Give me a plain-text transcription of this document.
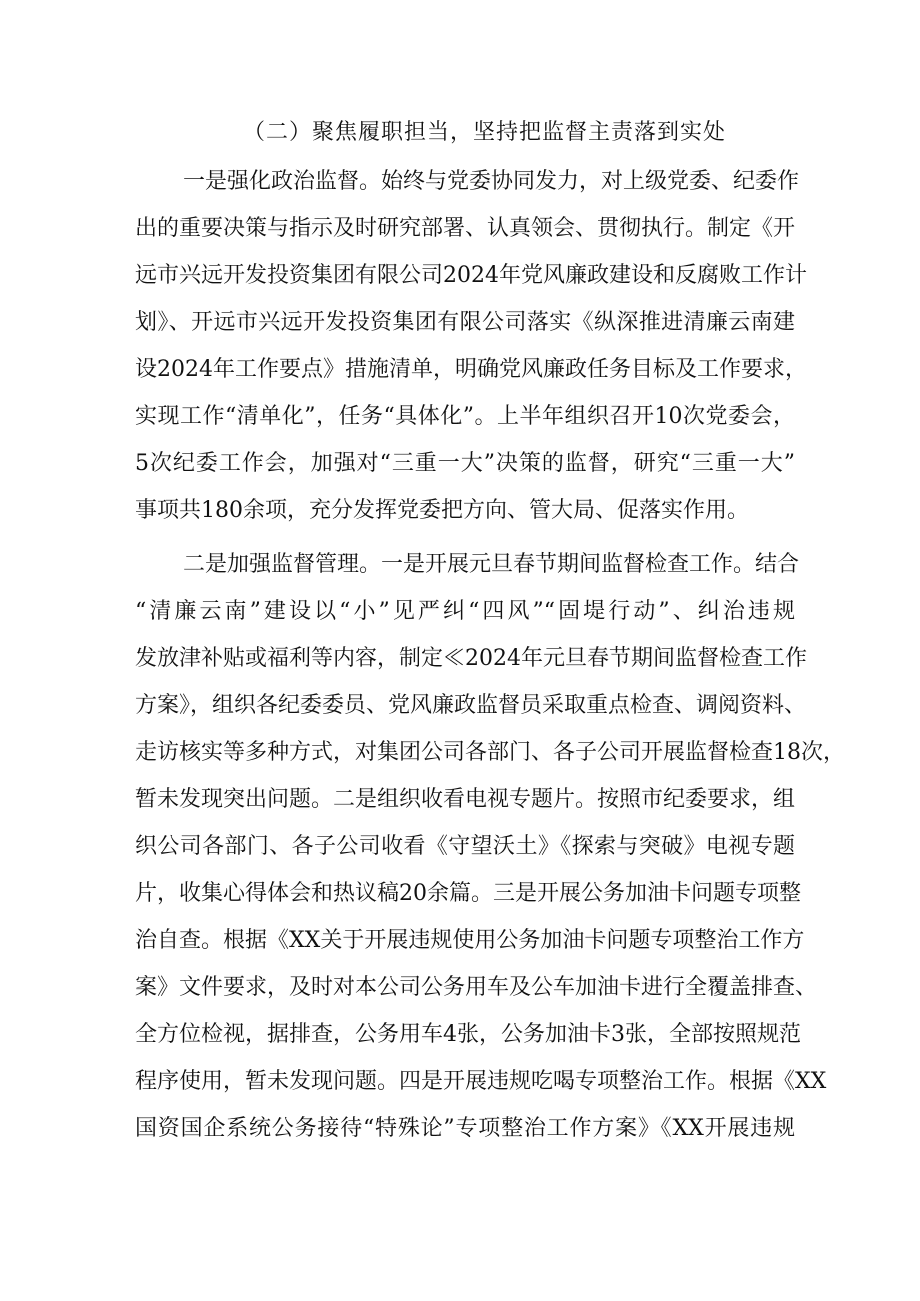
（二）聚焦履职担当，坚持把监督主责落到实处
一是强化政治监督。始终与党委协同发力，对上级党委、纪委作
出的重要决策与指示及时研究部署、认真领会、贯彻执行。制定《开
远市兴远开发投资集团有限公司2024年党风廉政建设和反腐败工作计
划》、开远市兴远开发投资集团有限公司落实《纵深推进清廉云南建
设2024年工作要点》措施清单，明确党风廉政任务目标及工作要求，
实现工作“清单化”，任务“具体化”。上半年组织召开10次党委会，
5次纪委工作会，加强对“三重一大”决策的监督，研究“三重一大”
事项共180余项，充分发挥党委把方向、管大局、促落实作用。
二是加强监督管理。一是开展元旦春节期间监督检查工作。结合
“清廉云南”建设以“小”见严纠“四风”“固堤行动”、纠治违规
发放津补贴或福利等内容，制定≪2024年元旦春节期间监督检查工作
方案》，组织各纪委委员、党风廉政监督员采取重点检查、调阅资料、
走访核实等多种方式，对集团公司各部门、各子公司开展监督检查18次，
暂未发现突出问题。二是组织收看电视专题片。按照市纪委要求，组
织公司各部门、各子公司收看《守望沃土》《探索与突破》电视专题
片，收集心得体会和热议稿20余篇。三是开展公务加油卡问题专项整
治自查。根据《XX关于开展违规使用公务加油卡问题专项整治工作方
案》文件要求，及时对本公司公务用车及公车加油卡进行全覆盖排查、
全方位检视，据排查，公务用车4张，公务加油卡3张，全部按照规范
程序使用，暂未发现问题。四是开展违规吃喝专项整治工作。根据《XX
国资国企系统公务接待“特殊论”专项整治工作方案》《XX开展违规
